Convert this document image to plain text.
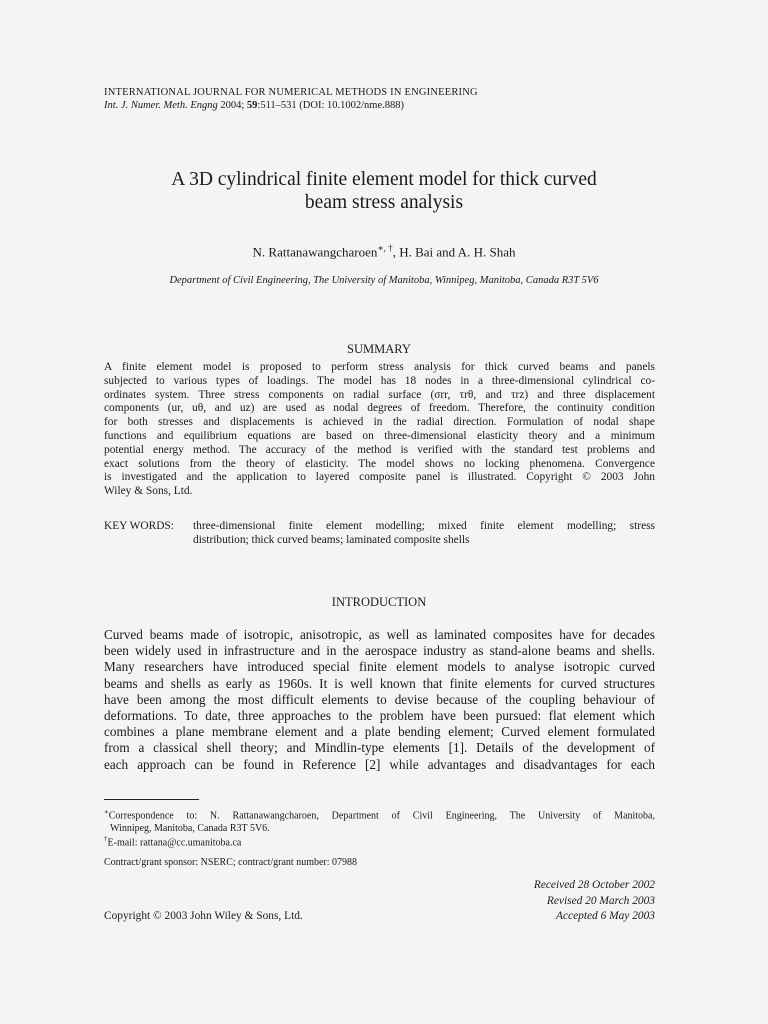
INTERNATIONAL JOURNAL FOR NUMERICAL METHODS IN ENGINEERING
Int. J. Numer. Meth. Engng 2004; 59:511–531 (DOI: 10.1002/nme.888)
A 3D cylindrical finite element model for thick curved
beam stress analysis
N. Rattanawangcharoen∗, †, H. Bai and A. H. Shah
Department of Civil Engineering, The University of Manitoba, Winnipeg, Manitoba, Canada R3T 5V6
SUMMARY
A finite element model is proposed to perform stress analysis for thick curved beams and panels
subjected to various types of loadings. The model has 18 nodes in a three-dimensional cylindrical co-
ordinates system. Three stress components on radial surface (σrr, τrθ, and τrz) and three displacement
components (ur, uθ, and uz) are used as nodal degrees of freedom. Therefore, the continuity condition
for both stresses and displacements is achieved in the radial direction. Formulation of nodal shape
functions and equilibrium equations are based on three-dimensional elasticity theory and a minimum
potential energy method. The accuracy of the method is verified with the standard test problems and
exact solutions from the theory of elasticity. The model shows no locking phenomena. Convergence
is investigated and the application to layered composite panel is illustrated. Copyright © 2003 John
Wiley & Sons, Ltd.
KEY WORDS: three-dimensional finite element modelling; mixed finite element modelling; stress
distribution; thick curved beams; laminated composite shells
INTRODUCTION
Curved beams made of isotropic, anisotropic, as well as laminated composites have for decades
been widely used in infrastructure and in the aerospace industry as stand-alone beams and shells.
Many researchers have introduced special finite element models to analyse isotropic curved
beams and shells as early as 1960s. It is well known that finite elements for curved structures
have been among the most difficult elements to devise because of the coupling behaviour of
deformations. To date, three approaches to the problem have been pursued: flat element which
combines a plane membrane element and a plate bending element; Curved element formulated
from a classical shell theory; and Mindlin-type elements [1]. Details of the development of
each approach can be found in Reference [2] while advantages and disadvantages for each
∗Correspondence to: N. Rattanawangcharoen, Department of Civil Engineering, The University of Manitoba,
Winnipeg, Manitoba, Canada R3T 5V6.
†E-mail: rattana@cc.umanitoba.ca
Contract/grant sponsor: NSERC; contract/grant number: 07988
Received 28 October 2002
Revised 20 March 2003
Accepted 6 May 2003
Copyright © 2003 John Wiley & Sons, Ltd.
